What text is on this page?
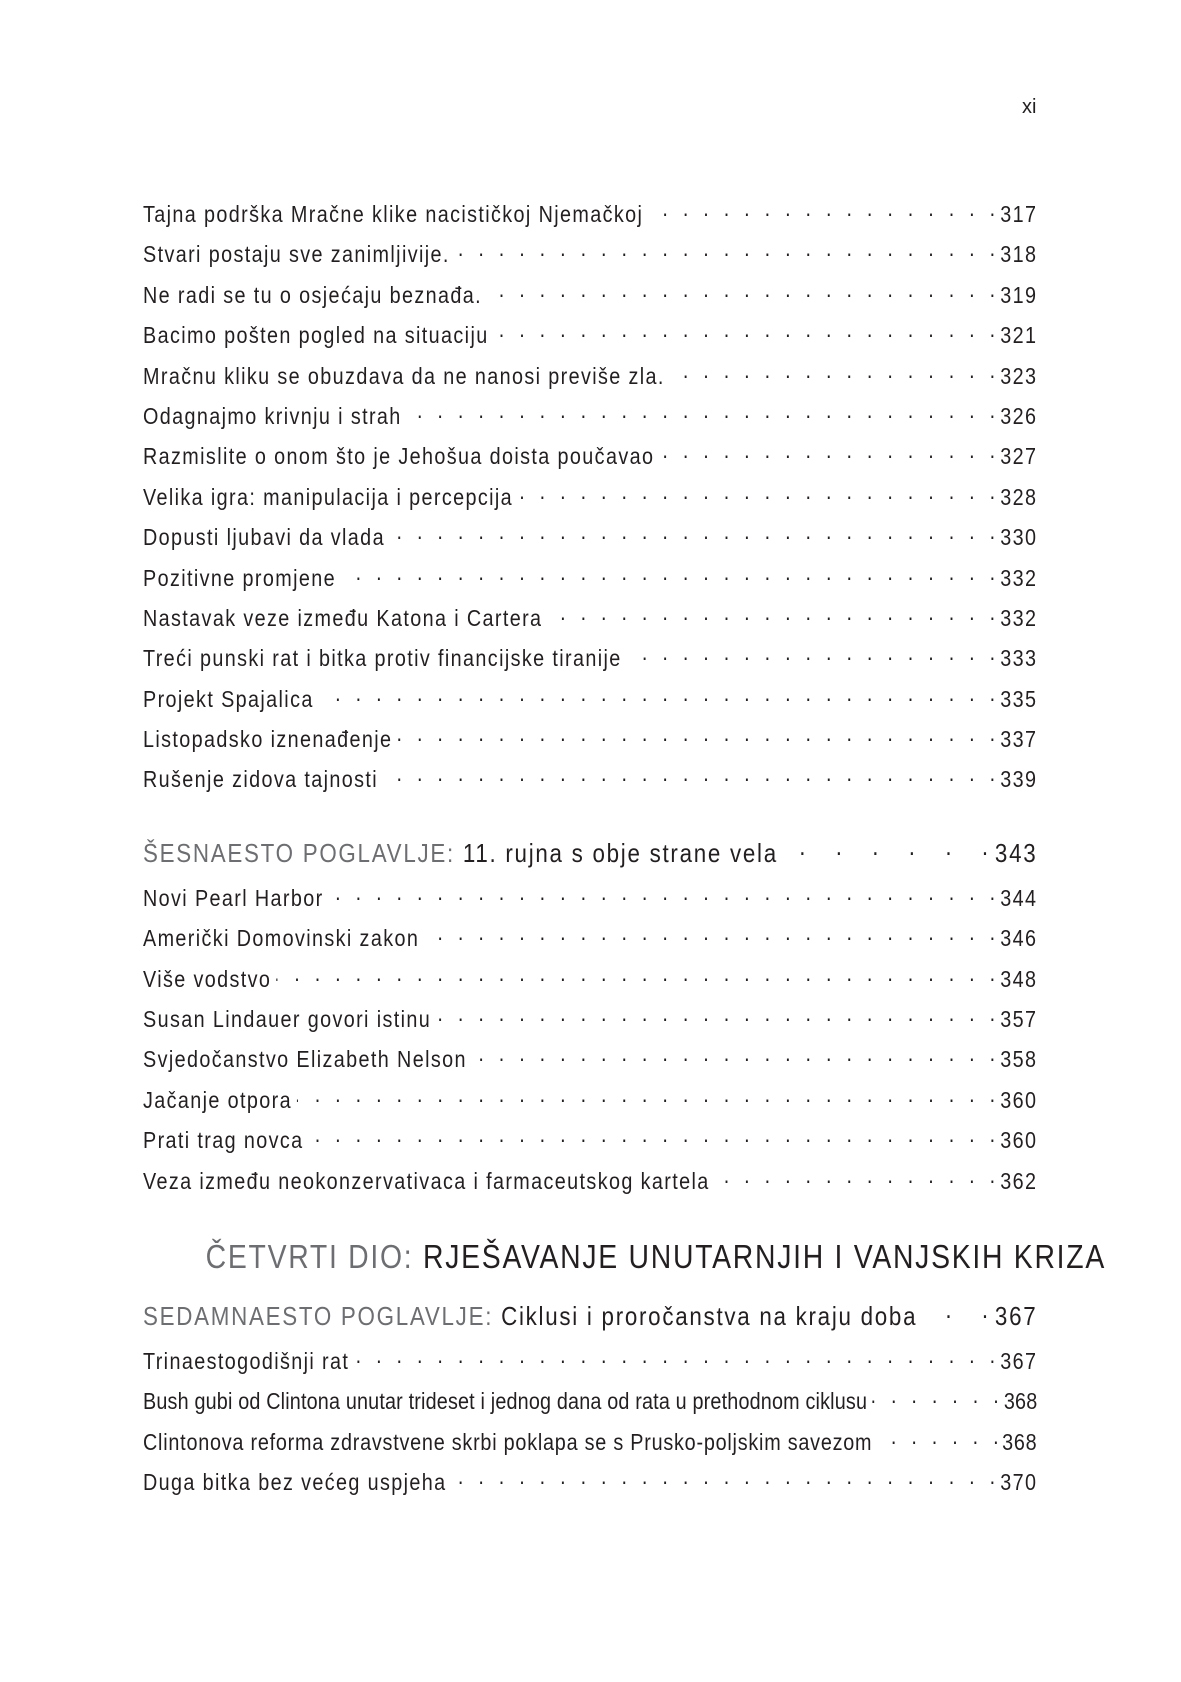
xi
Tajna podrška Mračne klike nacističkoj Njemačkoj . . .	317
Stvari postaju sve zanimljivije. . . .	318
Ne radi se tu o osjećaju beznađa. . . .	319
Bacimo pošten pogled na situaciju . . .	321
Mračnu kliku se obuzdava da ne nanosi previše zla. . . .	323
Odagnajmo krivnju i strah . . .	326
Razmislite o onom što je Jehošua doista poučavao . . .	327
Velika igra: manipulacija i percepcija . . .	328
Dopusti ljubavi da vlada . . .	330
Pozitivne promjene . . .	332
Nastavak veze između Katona i Cartera . . .	332
Treći punski rat i bitka protiv financijske tiranije . . .	333
Projekt Spajalica . . .	335
Listopadsko iznenađenje . . .	337
Rušenje zidova tajnosti . . .	339
ŠESNAESTO POGLAVLJE:
11. rujna s obje strane vela . . .	343
Novi Pearl Harbor . . .	344
Američki Domovinski zakon . . .	346
Više vodstvo . . .	348
Susan Lindauer govori istinu . . .	357
Svjedočanstvo Elizabeth Nelson . . .	358
Jačanje otpora . . .	360
Prati trag novca . . .	360
Veza između neokonzervativaca i farmaceutskog kartela . . .	362
ČETVRTI DIO: RJEŠAVANJE UNUTARNJIH I VANJSKIH KRIZA
SEDAMNAESTO POGLAVLJE:
Ciklusi i proročanstva na kraju doba . . .	367
Trinaestogodišnji rat . . .	367
Bush gubi od Clintona unutar trideset i jednog dana od rata u prethodnom ciklusu . . .	368
Clintonova reforma zdravstvene skrbi poklapa se s Prusko-poljskim savezom . . .	368
Duga bitka bez većeg uspjeha . . .	370
